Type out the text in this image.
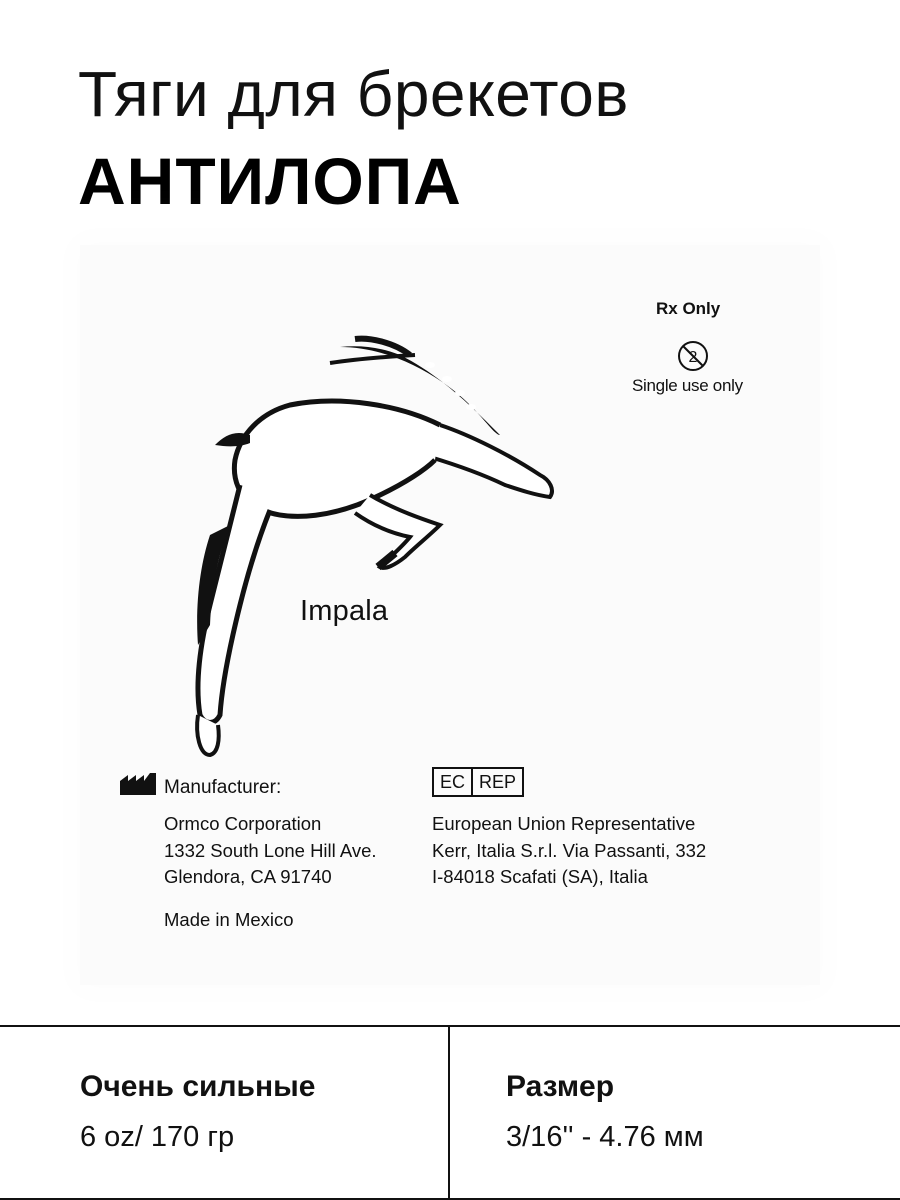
Тяги для брекетов
АНТИЛОПА
Rx Only
2
Single use only
Impala
Manufacturer:
Ormco Corporation
1332 South Lone Hill Ave.
Glendora, CA 91740
Made in Mexico
EC REP
European Union Representative
Kerr, Italia S.r.l. Via Passanti, 332
I-84018 Scafati (SA), Italia
Очень сильные
6 oz/ 170 гр
Размер
3/16'' - 4.76 мм
